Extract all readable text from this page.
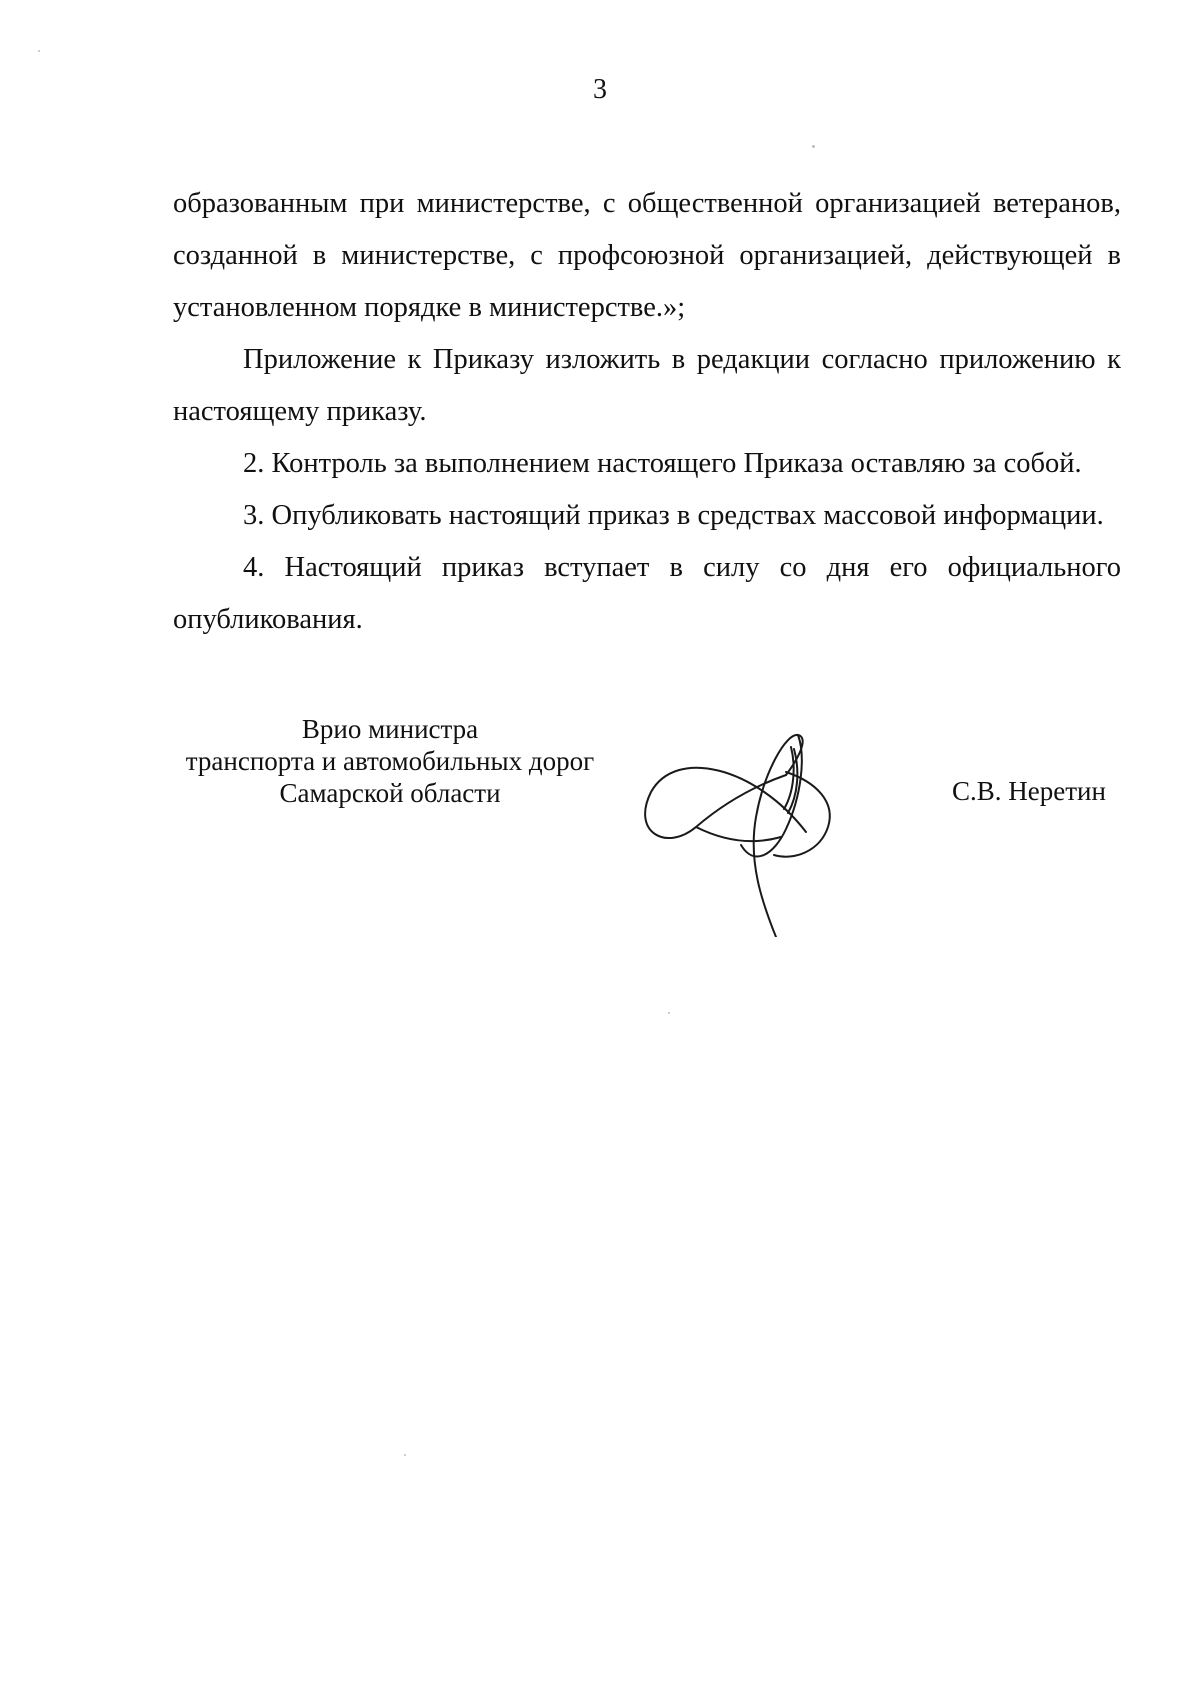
3

образованным при министерстве, с общественной организацией ветеранов, созданной в министерстве, с профсоюзной организацией, действующей в установленном порядке в министерстве.»;

Приложение к Приказу изложить в редакции согласно приложению к настоящему приказу.

2. Контроль за выполнением настоящего Приказа оставляю за собой.

3. Опубликовать настоящий приказ в средствах массовой информации.

4. Настоящий приказ вступает в силу со дня его официального опубликования.

Врио министра
транспорта и автомобильных дорог
Самарской области	С.В. Неретин
